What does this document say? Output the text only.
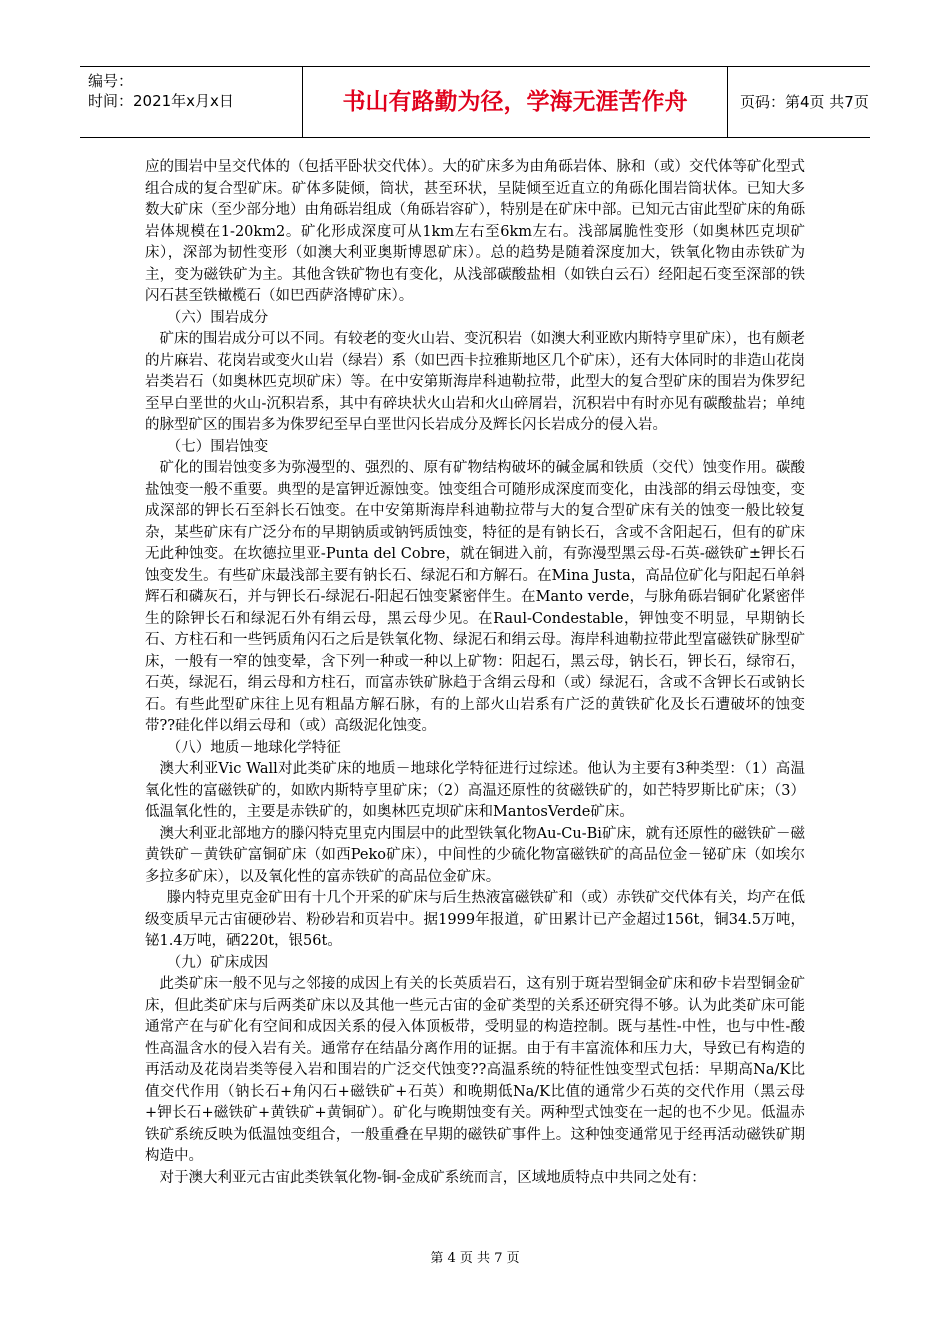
编号：
时间：2021年x月x日	书山有路勤为径，学海无涯苦作舟	页码：第4页 共7页

应的围岩中呈交代体的（包括平卧状交代体）。大的矿床多为由角砾岩体、脉和（或）交代体等矿化型式组合成的复合型矿床。矿体多陡倾，筒状，甚至环状，呈陡倾至近直立的角砾化围岩筒状体。已知大多数大矿床（至少部分地）由角砾岩组成（角砾岩容矿），特别是在矿床中部。已知元古宙此型矿床的角砾岩体规模在1-20km2。矿化形成深度可从1km左右至6km左右。浅部属脆性变形（如奥林匹克坝矿床），深部为韧性变形（如澳大利亚奥斯博恩矿床）。总的趋势是随着深度加大，铁氧化物由赤铁矿为主，变为磁铁矿为主。其他含铁矿物也有变化，从浅部碳酸盐相（如铁白云石）经阳起石变至深部的铁闪石甚至铁橄榄石（如巴西萨洛博矿床）。

（六）围岩成分

矿床的围岩成分可以不同。有较老的变火山岩、变沉积岩（如澳大利亚欧内斯特亨里矿床），也有颇老的片麻岩、花岗岩或变火山岩（绿岩）系（如巴西卡拉雅斯地区几个矿床），还有大体同时的非造山花岗岩类岩石（如奥林匹克坝矿床）等。在中安第斯海岸科迪勒拉带，此型大的复合型矿床的围岩为侏罗纪至早白垩世的火山-沉积岩系，其中有碎块状火山岩和火山碎屑岩，沉积岩中有时亦见有碳酸盐岩；单纯的脉型矿区的围岩多为侏罗纪至早白垩世闪长岩成分及辉长闪长岩成分的侵入岩。

（七）围岩蚀变

矿化的围岩蚀变多为弥漫型的、强烈的、原有矿物结构破坏的碱金属和铁质（交代）蚀变作用。碳酸盐蚀变一般不重要。典型的是富钾近源蚀变。蚀变组合可随形成深度而变化，由浅部的绢云母蚀变，变成深部的钾长石至斜长石蚀变。在中安第斯海岸科迪勒拉带与大的复合型矿床有关的蚀变一般比较复杂，某些矿床有广泛分布的早期钠质或钠钙质蚀变，特征的是有钠长石，含或不含阳起石，但有的矿床无此种蚀变。在坎德拉里亚-Punta del Cobre，就在铜进入前，有弥漫型黑云母-石英-磁铁矿±钾长石蚀变发生。有些矿床最浅部主要有钠长石、绿泥石和方解石。在Mina Justa，高品位矿化与阳起石单斜辉石和磷灰石，并与钾长石-绿泥石-阳起石蚀变紧密伴生。在Manto verde，与脉角砾岩铜矿化紧密伴生的除钾长石和绿泥石外有绢云母，黑云母少见。在Raul-Condestable，钾蚀变不明显，早期钠长石、方柱石和一些钙质角闪石之后是铁氧化物、绿泥石和绢云母。海岸科迪勒拉带此型富磁铁矿脉型矿床，一般有一窄的蚀变晕，含下列一种或一种以上矿物：阳起石，黑云母，钠长石，钾长石，绿帘石，石英，绿泥石，绢云母和方柱石，而富赤铁矿脉趋于含绢云母和（或）绿泥石，含或不含钾长石或钠长石。有些此型矿床往上见有粗晶方解石脉，有的上部火山岩系有广泛的黄铁矿化及长石遭破坏的蚀变带??硅化伴以绢云母和（或）高级泥化蚀变。

（八）地质－地球化学特征

澳大利亚Vic Wall对此类矿床的地质－地球化学特征进行过综述。他认为主要有3种类型：（1）高温氧化性的富磁铁矿的，如欧内斯特亨里矿床；（2）高温还原性的贫磁铁矿的，如芒特罗斯比矿床；（3）低温氧化性的，主要是赤铁矿的，如奥林匹克坝矿床和MantosVerde矿床。

澳大利亚北部地方的滕闪特克里克内围层中的此型铁氧化物Au-Cu-Bi矿床，就有还原性的磁铁矿－磁黄铁矿－黄铁矿富铜矿床（如西Peko矿床），中间性的少硫化物富磁铁矿的高品位金－铋矿床（如埃尔多拉多矿床），以及氧化性的富赤铁矿的高品位金矿床。

滕内特克里克金矿田有十几个开采的矿床与后生热液富磁铁矿和（或）赤铁矿交代体有关，均产在低级变质早元古宙硬砂岩、粉砂岩和页岩中。据1999年报道，矿田累计已产金超过156t，铜34.5万吨，铋1.4万吨，硒220t，银56t。

（九）矿床成因

此类矿床一般不见与之邻接的成因上有关的长英质岩石，这有别于斑岩型铜金矿床和矽卡岩型铜金矿床，但此类矿床与后两类矿床以及其他一些元古宙的金矿类型的关系还研究得不够。认为此类矿床可能通常产在与矿化有空间和成因关系的侵入体顶板带，受明显的构造控制。既与基性-中性，也与中性-酸性高温含水的侵入岩有关。通常存在结晶分离作用的证据。由于有丰富流体和压力大，导致已有构造的再活动及花岗岩类等侵入岩和围岩的广泛交代蚀变??高温系统的特征性蚀变型式包括：早期高Na/K比值交代作用（钠长石+角闪石+磁铁矿+石英）和晚期低Na/K比值的通常少石英的交代作用（黑云母+钾长石+磁铁矿+黄铁矿+黄铜矿）。矿化与晚期蚀变有关。两种型式蚀变在一起的也不少见。低温赤铁矿系统反映为低温蚀变组合，一般重叠在早期的磁铁矿事件上。这种蚀变通常见于经再活动磁铁矿期构造中。

对于澳大利亚元古宙此类铁氧化物-铜-金成矿系统而言，区域地质特点中共同之处有：

第 4 页 共 7 页
